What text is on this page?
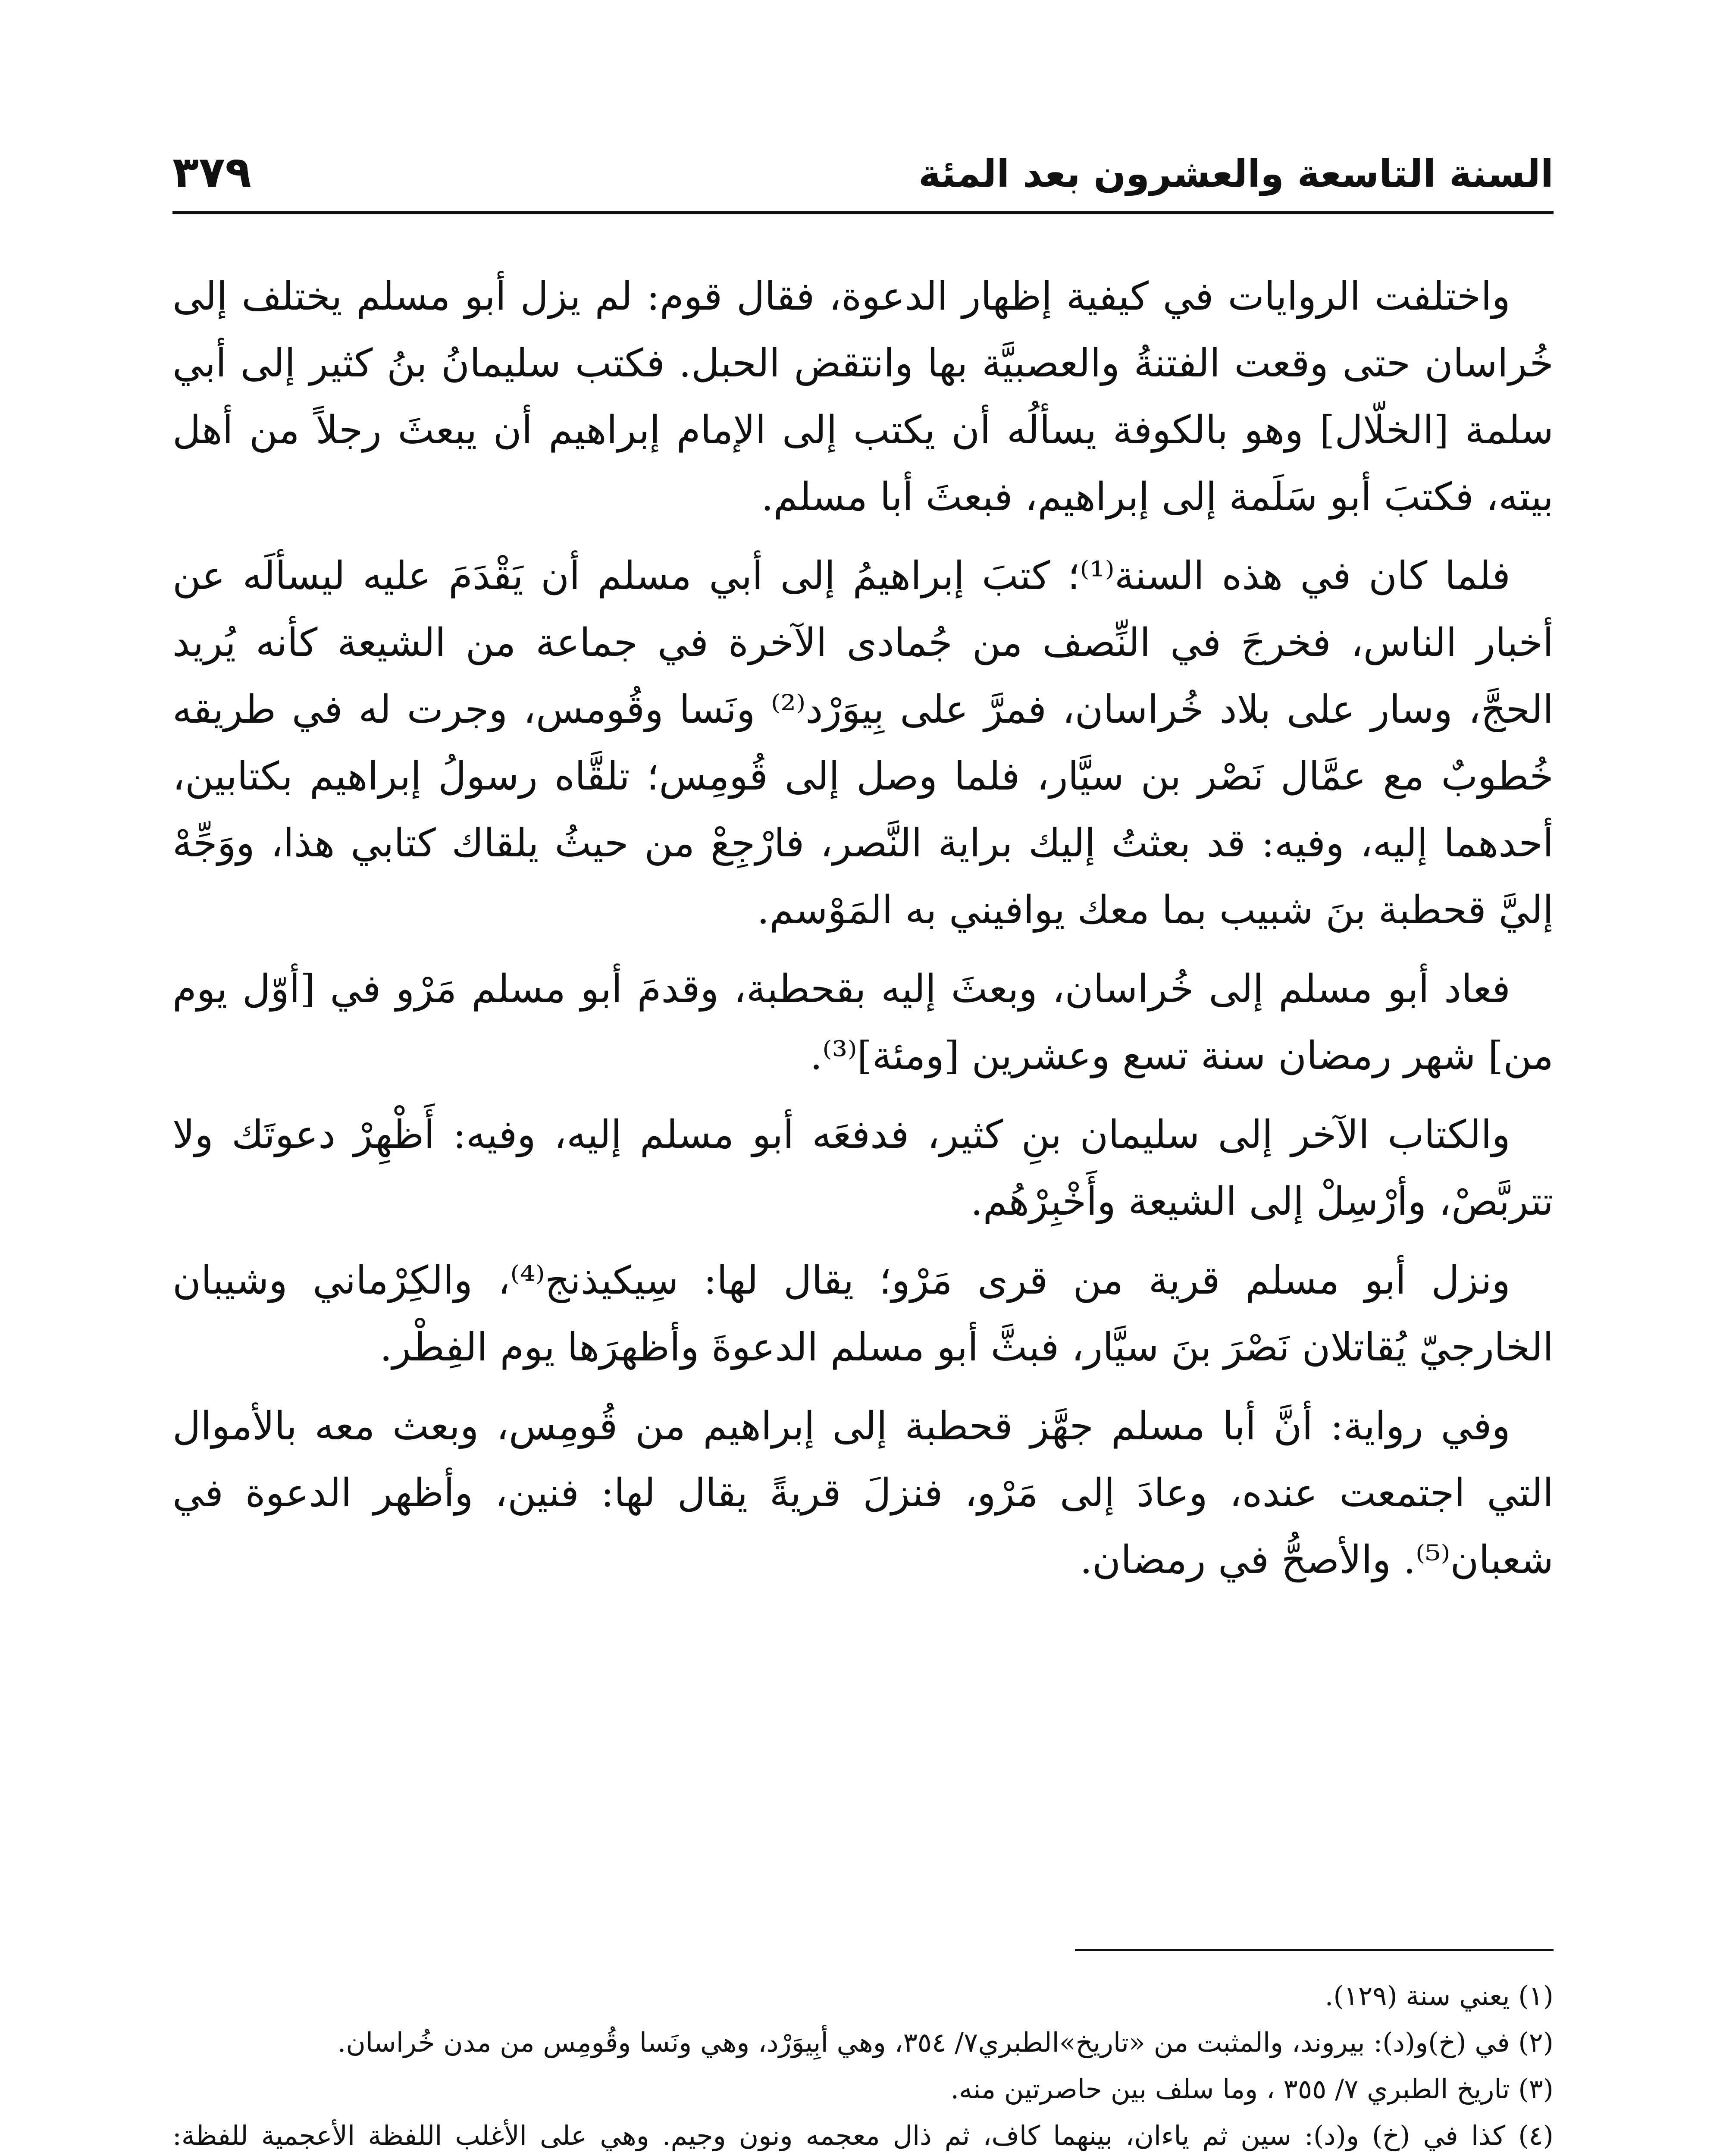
السنة التاسعة والعشرون بعد المئة
٣٧٩

واختلفت الروايات في كيفية إظهار الدعوة، فقال قوم: لم يزل أبو مسلم يختلف إلى خُراسان حتى وقعت الفتنةُ والعصبيَّة بها وانتقض الحبل. فكتب سليمانُ بنُ كثير إلى أبي سلمة [الخلّال] وهو بالكوفة يسألُه أن يكتب إلى الإمام إبراهيم أن يبعثَ رجلاً من أهل بيته، فكتبَ أبو سَلَمة إلى إبراهيم، فبعثَ أبا مسلم.

فلما كان في هذه السنة⁽¹⁾؛ كتبَ إبراهيمُ إلى أبي مسلم أن يَقْدَمَ عليه ليسألَه عن أخبار الناس، فخرجَ في النِّصف من جُمادى الآخرة في جماعة من الشيعة كأنه يُريد الحجَّ، وسار على بلاد خُراسان، فمرَّ على بِيوَرْد⁽²⁾ ونَسا وقُومس، وجرت له في طريقه خُطوبٌ مع عمَّال نَصْر بن سيَّار، فلما وصل إلى قُومِس؛ تلقَّاه رسولُ إبراهيم بكتابين، أحدهما إليه، وفيه: قد بعثتُ إليك براية النَّصر، فارْجِعْ من حيثُ يلقاك كتابي هذا، ووَجِّهْ إليَّ قحطبة بنَ شبيب بما معك يوافيني به المَوْسم.

فعاد أبو مسلم إلى خُراسان، وبعثَ إليه بقحطبة، وقدمَ أبو مسلم مَرْو في [أوّل يوم من] شهر رمضان سنة تسع وعشرين [ومئة]⁽³⁾.

والكتاب الآخر إلى سليمان بنِ كثير، فدفعَه أبو مسلم إليه، وفيه: أَظْهِرْ دعوتَك ولا تتربَّصْ، وأرْسِلْ إلى الشيعة وأَخْبِرْهُم.

ونزل أبو مسلم قرية من قرى مَرْو؛ يقال لها: سِيكيذنج⁽⁴⁾، والكِرْماني وشيبان الخارجيّ يُقاتلان نَصْرَ بنَ سيَّار، فبثَّ أبو مسلم الدعوةَ وأظهرَها يوم الفِطْر.

وفي رواية: أنَّ أبا مسلم جهَّز قحطبة إلى إبراهيم من قُومِس، وبعث معه بالأموال التي اجتمعت عنده، وعادَ إلى مَرْو، فنزلَ قريةً يقال لها: فنين، وأظهر الدعوة في شعبان⁽⁵⁾. والأصحُّ في رمضان.

(١) يعني سنة (١٢٩).

(٢) في (خ)و(د): بيروند، والمثبت من «تاريخ»الطبري٧/ ٣٥٤، وهي أبِيوَرْد، وهي ونَسا وقُومِس من مدن خُراسان.

(٣) تاريخ الطبري ٧/ ٣٥٥ ، وما سلف بين حاصرتين منه.

(٤) كذا في (خ) و(د): سين ثم ياءان، بينهما كاف، ثم ذال معجمه ونون وجيم. وهي على الأغلب اللفظة الأعجمية للفظة:
